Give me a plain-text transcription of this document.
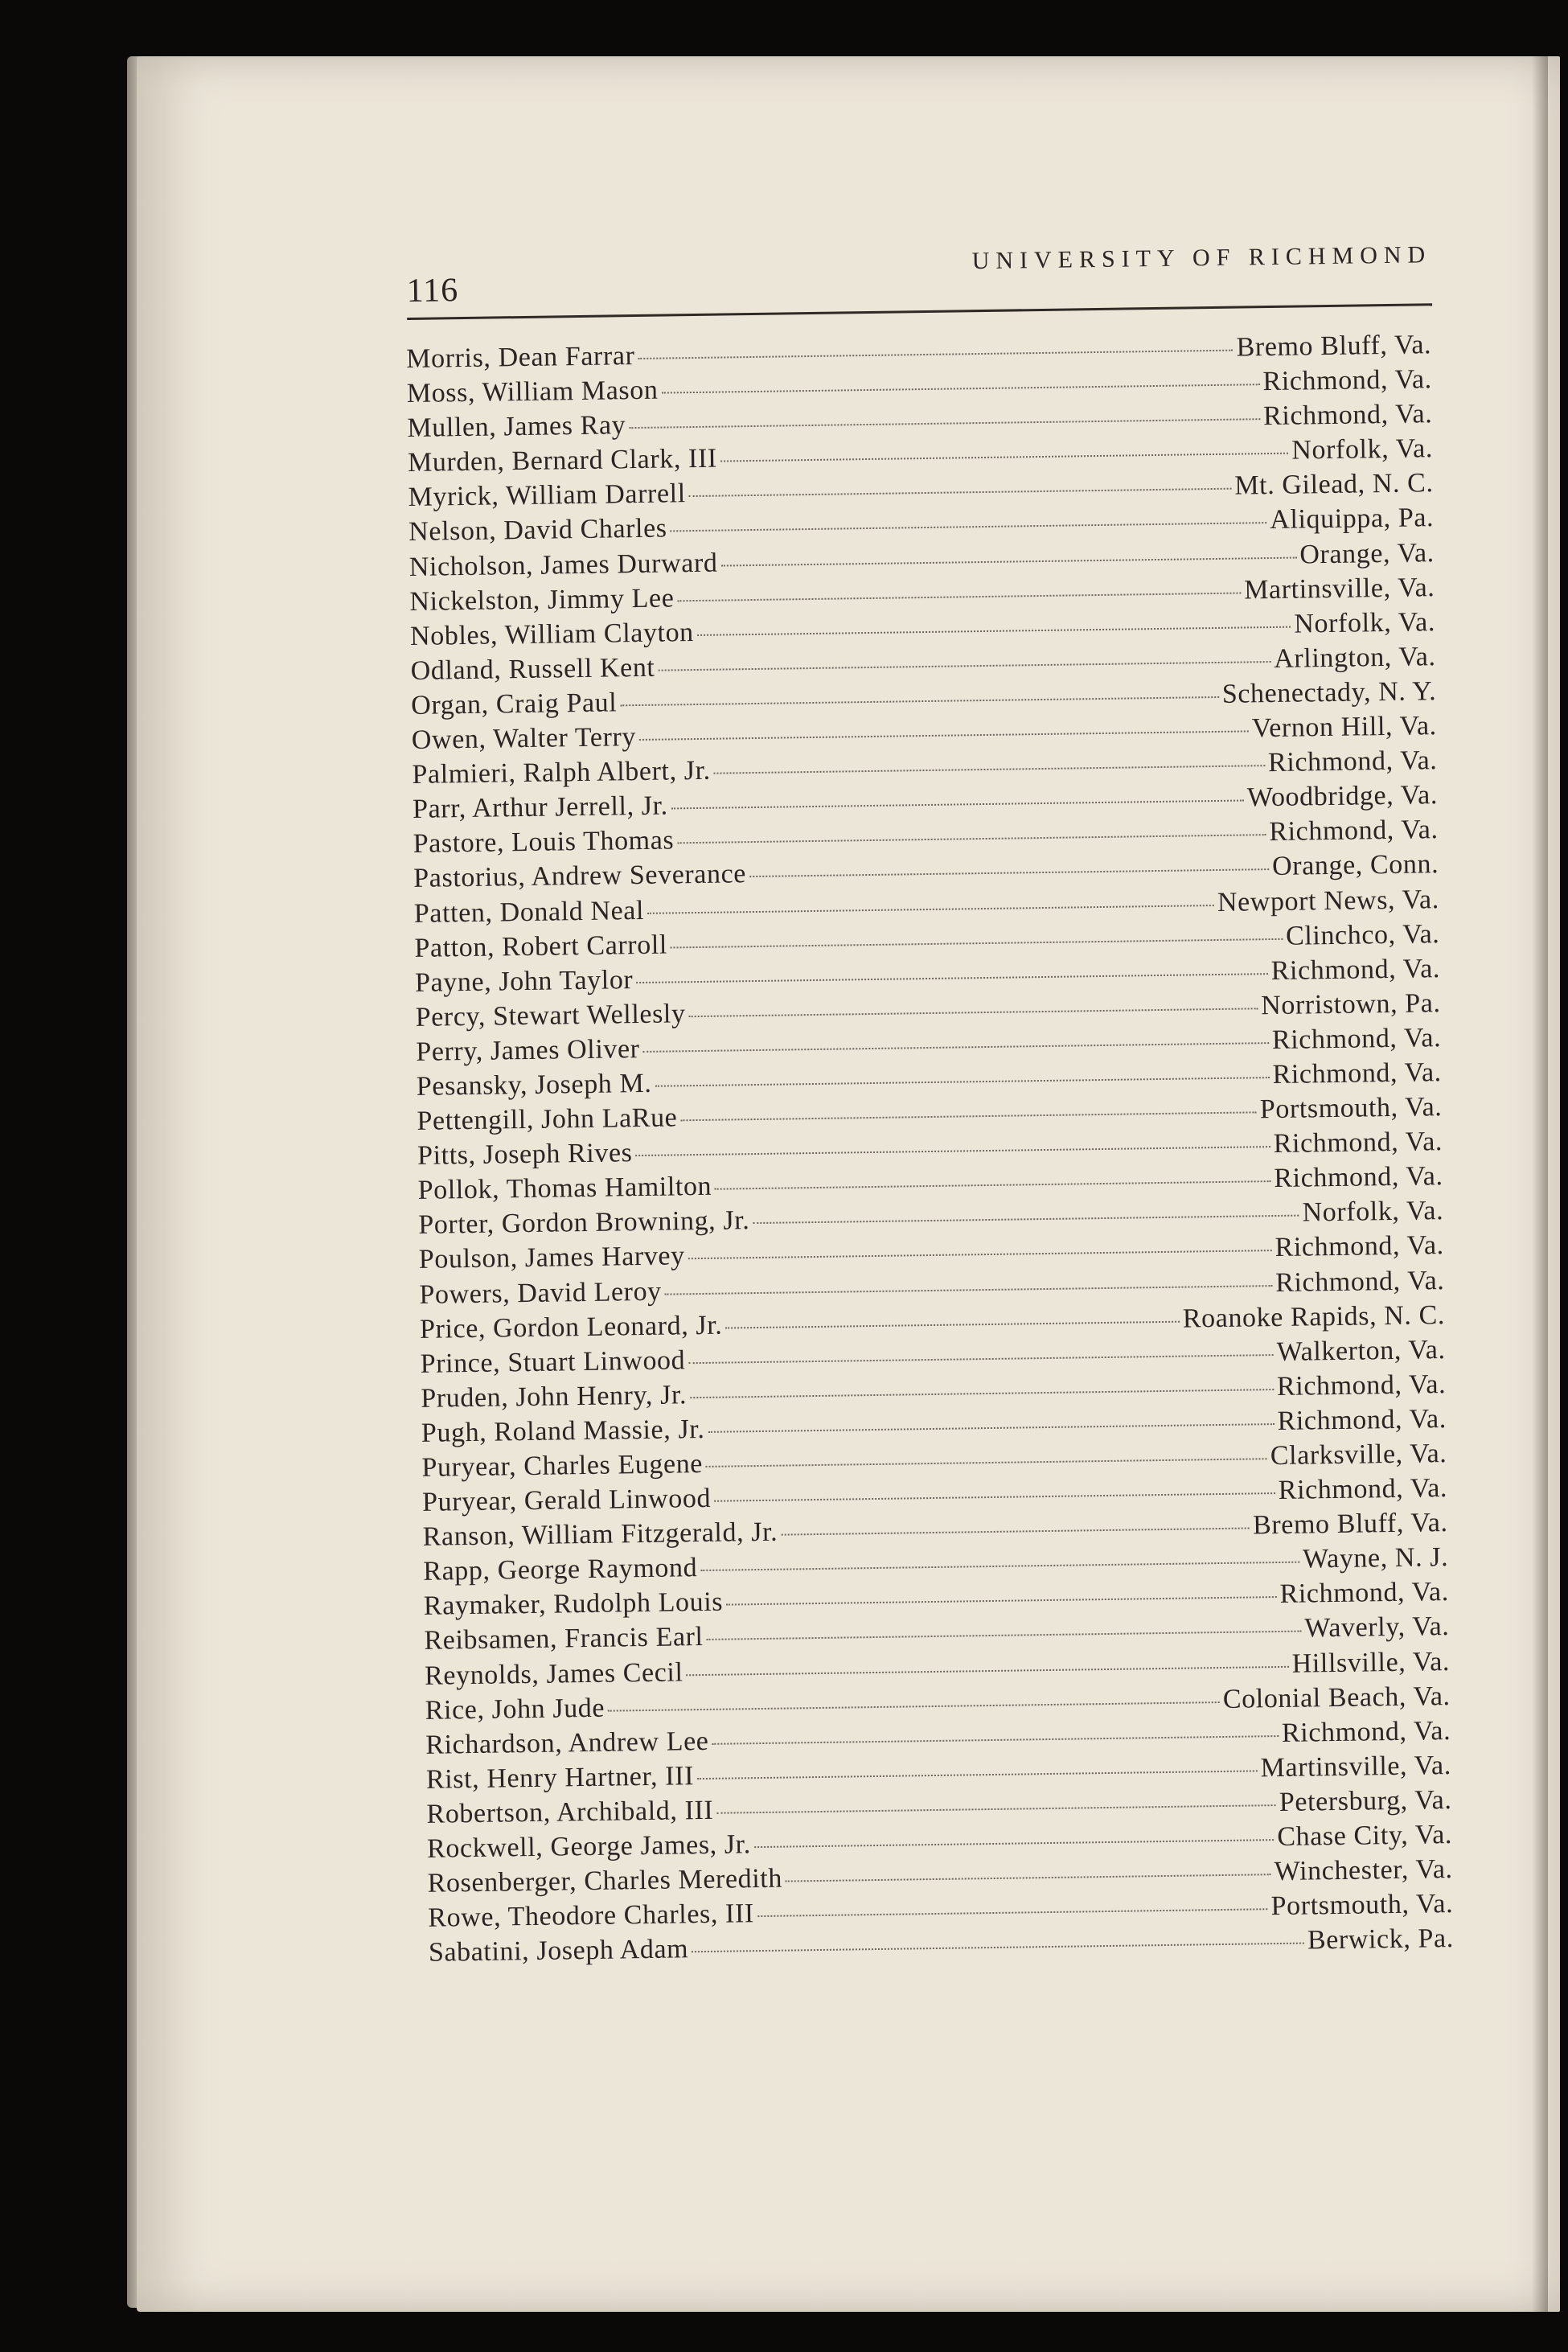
116
UNIVERSITY OF RICHMOND
Morris, Dean Farrar	Bremo Bluff, Va.
Moss, William Mason	Richmond, Va.
Mullen, James Ray	Richmond, Va.
Murden, Bernard Clark, III	Norfolk, Va.
Myrick, William Darrell	Mt. Gilead, N. C.
Nelson, David Charles	Aliquippa, Pa.
Nicholson, James Durward	Orange, Va.
Nickelston, Jimmy Lee	Martinsville, Va.
Nobles, William Clayton	Norfolk, Va.
Odland, Russell Kent	Arlington, Va.
Organ, Craig Paul	Schenectady, N. Y.
Owen, Walter Terry	Vernon Hill, Va.
Palmieri, Ralph Albert, Jr.	Richmond, Va.
Parr, Arthur Jerrell, Jr.	Woodbridge, Va.
Pastore, Louis Thomas	Richmond, Va.
Pastorius, Andrew Severance	Orange, Conn.
Patten, Donald Neal	Newport News, Va.
Patton, Robert Carroll	Clinchco, Va.
Payne, John Taylor	Richmond, Va.
Percy, Stewart Wellesly	Norristown, Pa.
Perry, James Oliver	Richmond, Va.
Pesansky, Joseph M.	Richmond, Va.
Pettengill, John LaRue	Portsmouth, Va.
Pitts, Joseph Rives	Richmond, Va.
Pollok, Thomas Hamilton	Richmond, Va.
Porter, Gordon Browning, Jr.	Norfolk, Va.
Poulson, James Harvey	Richmond, Va.
Powers, David Leroy	Richmond, Va.
Price, Gordon Leonard, Jr.	Roanoke Rapids, N. C.
Prince, Stuart Linwood	Walkerton, Va.
Pruden, John Henry, Jr.	Richmond, Va.
Pugh, Roland Massie, Jr.	Richmond, Va.
Puryear, Charles Eugene	Clarksville, Va.
Puryear, Gerald Linwood	Richmond, Va.
Ranson, William Fitzgerald, Jr.	Bremo Bluff, Va.
Rapp, George Raymond	Wayne, N. J.
Raymaker, Rudolph Louis	Richmond, Va.
Reibsamen, Francis Earl	Waverly, Va.
Reynolds, James Cecil	Hillsville, Va.
Rice, John Jude	Colonial Beach, Va.
Richardson, Andrew Lee	Richmond, Va.
Rist, Henry Hartner, III	Martinsville, Va.
Robertson, Archibald, III	Petersburg, Va.
Rockwell, George James, Jr.	Chase City, Va.
Rosenberger, Charles Meredith	Winchester, Va.
Rowe, Theodore Charles, III	Portsmouth, Va.
Sabatini, Joseph Adam	Berwick, Pa.
